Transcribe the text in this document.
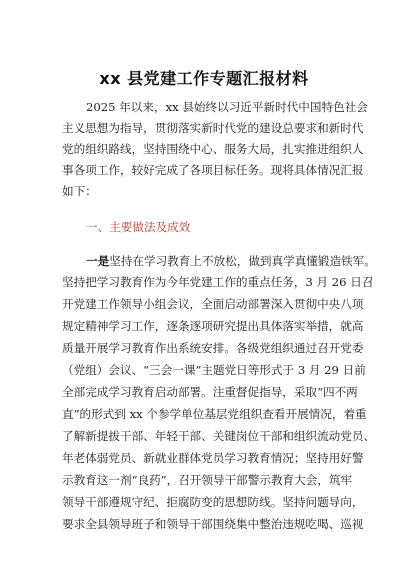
xx 县党建工作专题汇报材料
2025 年以来，xx 县始终以习近平新时代中国特色社会
主义思想为指导，贯彻落实新时代党的建设总要求和新时代
党的组织路线，坚持围绕中心、服务大局，扎实推进组织人
事各项工作，较好完成了各项目标任务。现将具体情况汇报
如下：
一、主要做法及成效
一是坚持在学习教育上不放松，做到真学真懂锻造铁军。
坚持把学习教育作为今年党建工作的重点任务，3 月 26 日召
开党建工作领导小组会议，全面启动部署深入贯彻中央八项
规定精神学习工作，逐条逐项研究提出具体落实举措，就高
质量开展学习教育作出系统安排。各级党组织通过召开党委
（党组）会议、“三会一课”主题党日等形式于 3 月 29 日前
全部完成学习教育启动部署。注重督促指导，采取“四不两
直”的形式到 xx 个参学单位基层党组织查看开展情况，着重
了解新提拔干部、年轻干部、关键岗位干部和组织流动党员、
年老体弱党员、新就业群体党员学习教育情况；坚持用好警
示教育这一剂“良药”，召开领导干部警示教育大会，筑牢
领导干部遵规守纪、拒腐防变的思想防线。坚持问题导向，
要求全县领导班子和领导干部围绕集中整治违规吃喝、巡视
